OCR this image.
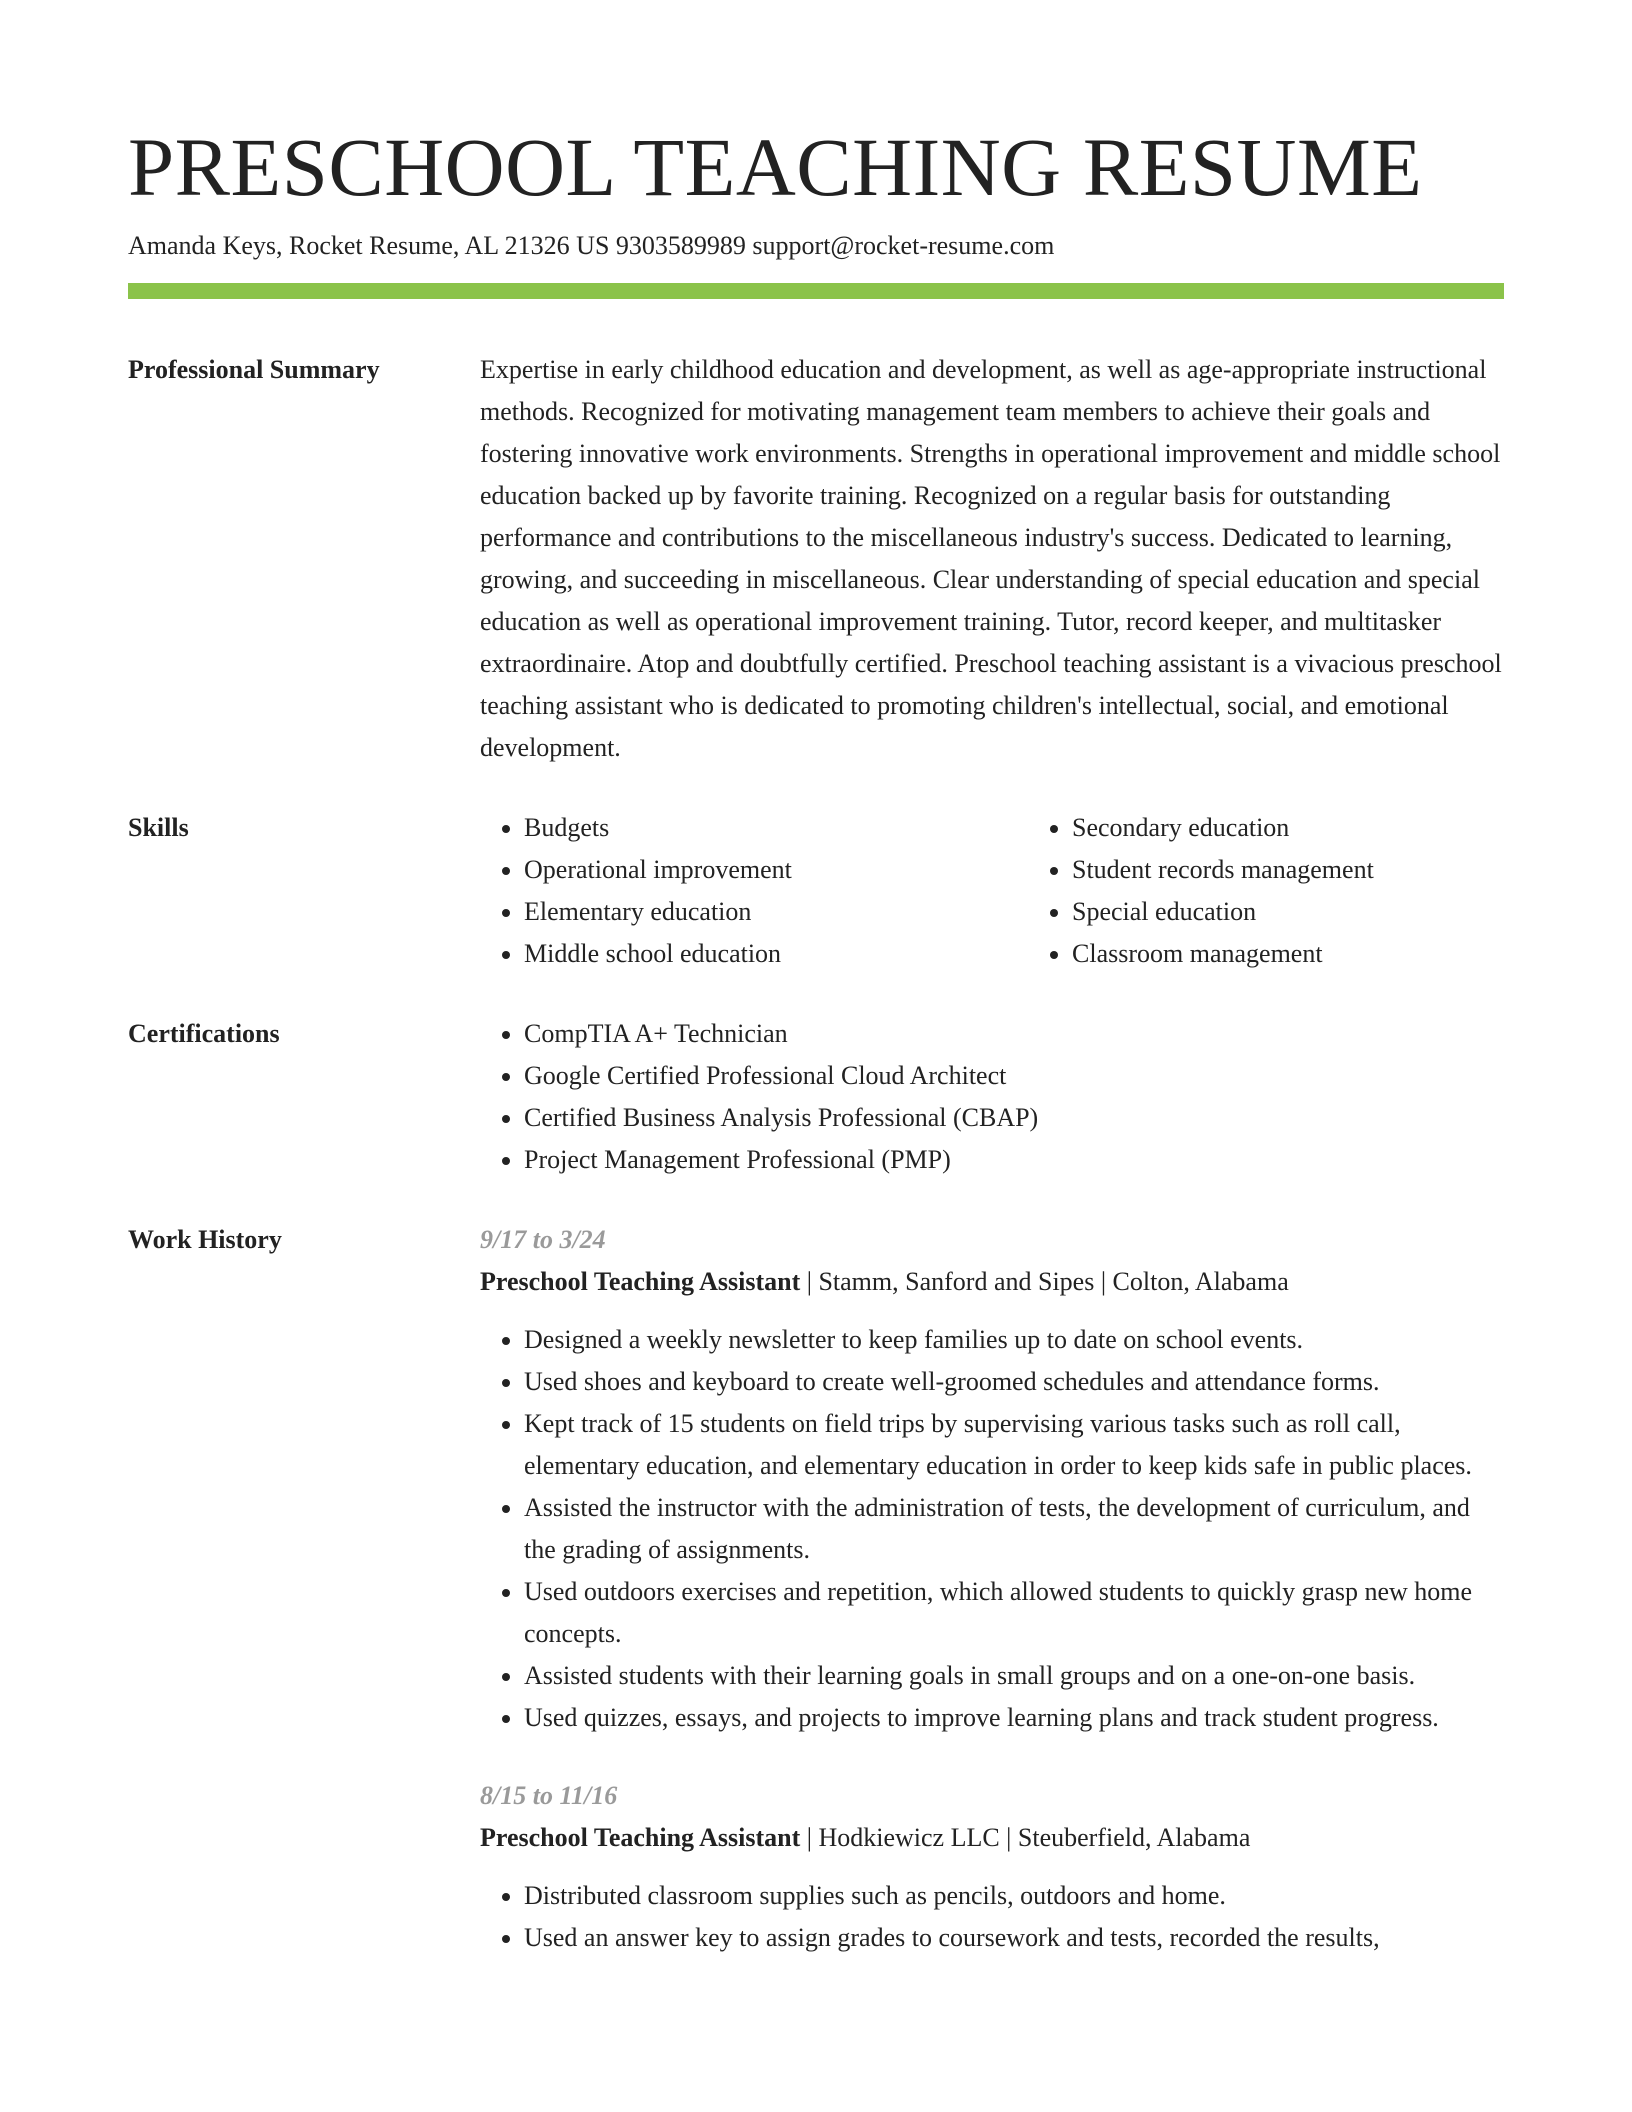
PRESCHOOL TEACHING RESUME
Amanda Keys, Rocket Resume, AL 21326 US 9303589989 support@rocket-resume.com
Professional Summary	Expertise in early childhood education and development, as well as age-appropriate instructional methods. Recognized for motivating management team members to achieve their goals and fostering innovative work environments. Strengths in operational improvement and middle school education backed up by favorite training. Recognized on a regular basis for outstanding performance and contributions to the miscellaneous industry's success. Dedicated to learning, growing, and succeeding in miscellaneous. Clear understanding of special education and special education as well as operational improvement training. Tutor, record keeper, and multitasker extraordinaire. Atop and doubtfully certified. Preschool teaching assistant is a vivacious preschool teaching assistant who is dedicated to promoting children's intellectual, social, and emotional development.

Skills	• Budgets
• Operational improvement
• Elementary education
• Middle school education
• Secondary education
• Student records management
• Special education
• Classroom management
Certifications	• CompTIA A+ Technician
• Google Certified Professional Cloud Architect
• Certified Business Analysis Professional (CBAP)
• Project Management Professional (PMP)
Work History	9/17 to 3/24
Preschool Teaching Assistant | Stamm, Sanford and Sipes | Colton, Alabama
• Designed a weekly newsletter to keep families up to date on school events.
• Used shoes and keyboard to create well-groomed schedules and attendance forms.
• Kept track of 15 students on field trips by supervising various tasks such as roll call, elementary education, and elementary education in order to keep kids safe in public places.
• Assisted the instructor with the administration of tests, the development of curriculum, and the grading of assignments.
• Used outdoors exercises and repetition, which allowed students to quickly grasp new home concepts.
• Assisted students with their learning goals in small groups and on a one-on-one basis.
• Used quizzes, essays, and projects to improve learning plans and track student progress.
8/15 to 11/16
Preschool Teaching Assistant | Hodkiewicz LLC | Steuberfield, Alabama
• Distributed classroom supplies such as pencils, outdoors and home.
• Used an answer key to assign grades to coursework and tests, recorded the results,
